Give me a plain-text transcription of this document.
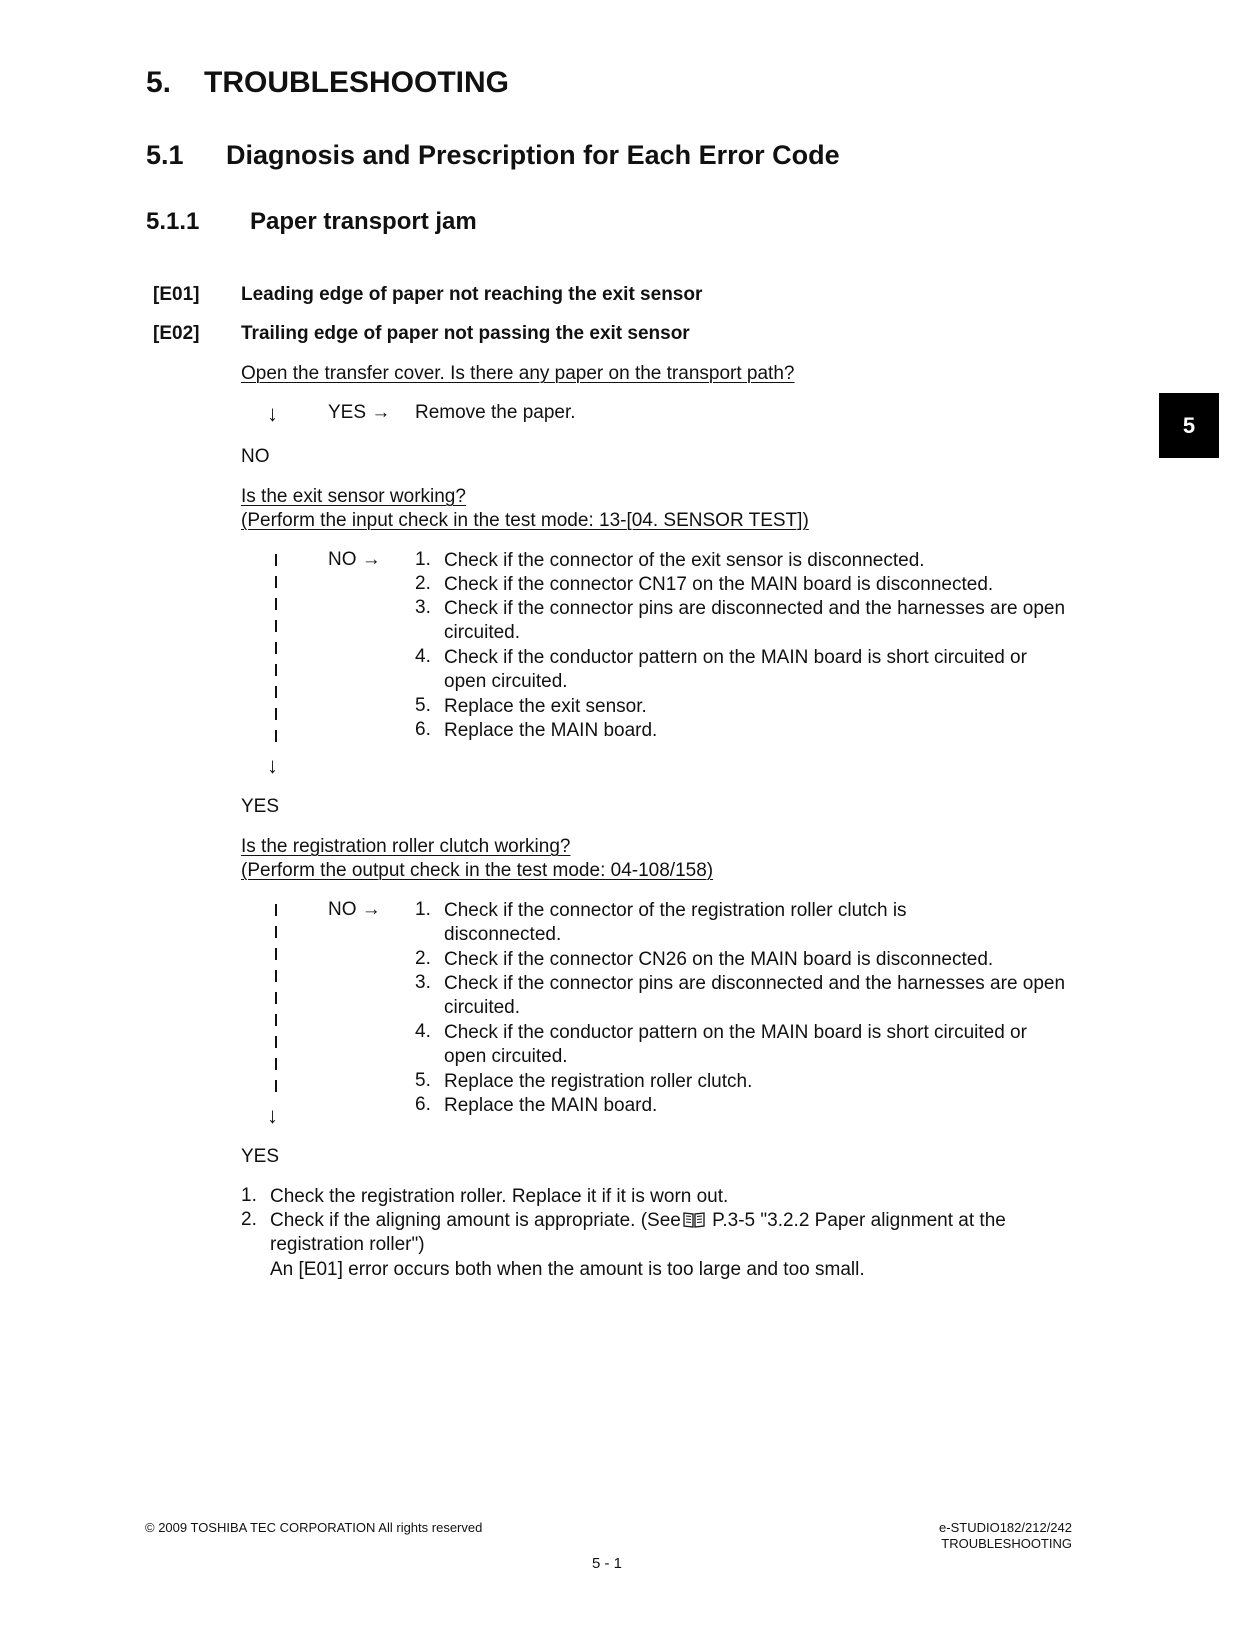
5. TROUBLESHOOTING
5.1 Diagnosis and Prescription for Each Error Code
5.1.1 Paper transport jam
[E01] Leading edge of paper not reaching the exit sensor
[E02] Trailing edge of paper not passing the exit sensor
Open the transfer cover. Is there any paper on the transport path?
↓	YES → Remove the paper.
NO
5
Is the exit sensor working?
(Perform the input check in the test mode: 13-[04. SENSOR TEST])
↓
NO → 1. Check if the connector of the exit sensor is disconnected.
2. Check if the connector CN17 on the MAIN board is disconnected.
3. Check if the connector pins are disconnected and the harnesses are open circuited.
4. Check if the conductor pattern on the MAIN board is short circuited or open circuited.
5. Replace the exit sensor.
6. Replace the MAIN board.
YES
Is the registration roller clutch working?
(Perform the output check in the test mode: 04-108/158)
↓
NO → 1. Check if the connector of the registration roller clutch is disconnected.
2. Check if the connector CN26 on the MAIN board is disconnected.
3. Check if the connector pins are disconnected and the harnesses are open circuited.
4. Check if the conductor pattern on the MAIN board is short circuited or open circuited.
5. Replace the registration roller clutch.
6. Replace the MAIN board.
YES
1. Check the registration roller. Replace it if it is worn out.
2. Check if the aligning amount is appropriate. (See P.3-5 "3.2.2 Paper alignment at the registration roller")
An [E01] error occurs both when the amount is too large and too small.
© 2009 TOSHIBA TEC CORPORATION All rights reserved	e-STUDIO182/212/242
TROUBLESHOOTING
5 - 1
